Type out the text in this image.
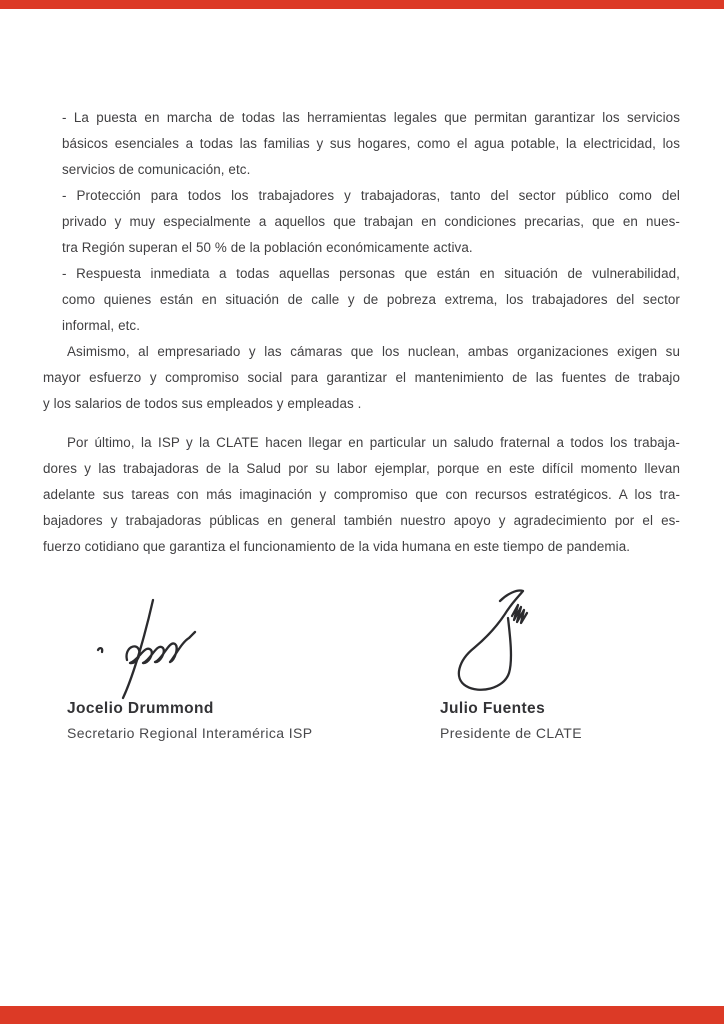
- La puesta en marcha de todas las herramientas legales que permitan garantizar los servicios
básicos esenciales a todas las familias y sus hogares, como el agua potable, la electricidad, los
servicios de comunicación, etc.
- Protección para todos los trabajadores y trabajadoras, tanto del sector público como del
privado y muy especialmente a aquellos que trabajan en condiciones precarias, que en nues-
tra Región superan el 50 % de la población económicamente activa.
- Respuesta inmediata a todas aquellas personas que están en situación de vulnerabilidad,
como quienes están en situación de calle y de pobreza extrema, los trabajadores del sector
informal, etc.
Asimismo, al empresariado y las cámaras que los nuclean, ambas organizaciones exigen su
mayor esfuerzo y compromiso social para garantizar el mantenimiento de las fuentes de trabajo
y los salarios de todos sus empleados y empleadas .
Por último, la ISP y la CLATE hacen llegar en particular un saludo fraternal a todos los trabaja-
dores y las trabajadoras de la Salud por su labor ejemplar, porque en este difícil momento llevan
adelante sus tareas con más imaginación y compromiso que con recursos estratégicos. A los tra-
bajadores y trabajadoras públicas en general también nuestro apoyo y agradecimiento por el es-
fuerzo cotidiano que garantiza el funcionamiento de la vida humana en este tiempo de pandemia.
Jocelio Drummond
Secretario Regional Interamérica ISP
Julio Fuentes
Presidente de CLATE
